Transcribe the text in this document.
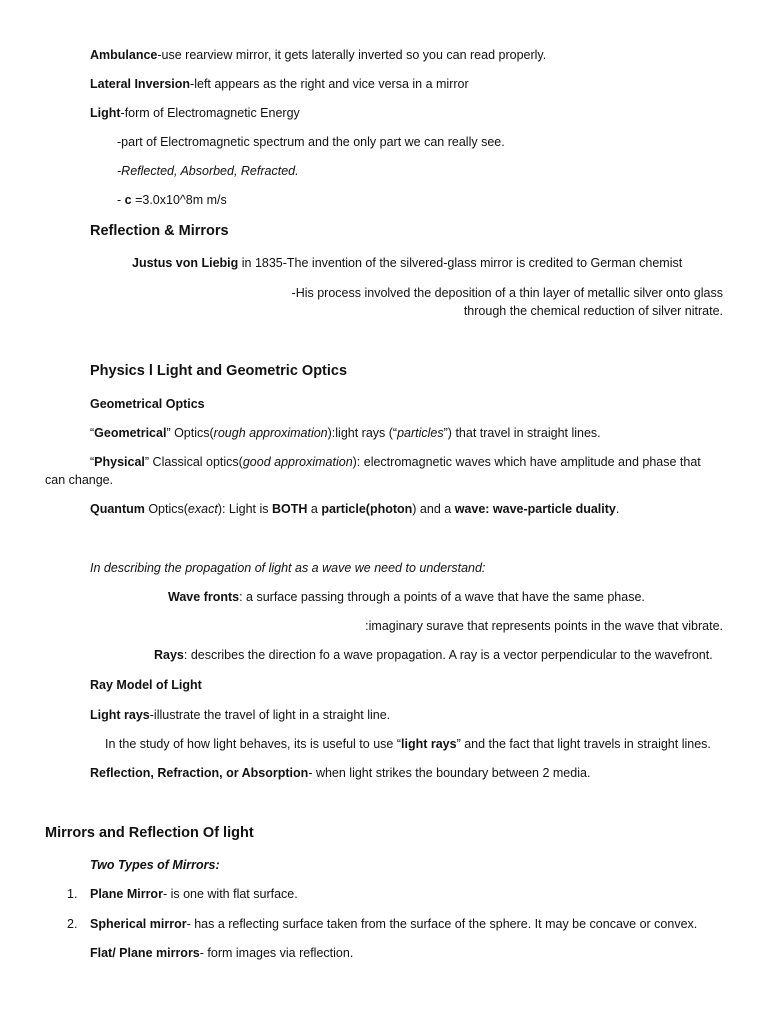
Ambulance-use rearview mirror, it gets laterally inverted so you can read properly.
Lateral Inversion-left appears as the right and vice versa in a mirror
Light-form of Electromagnetic Energy
-part of Electromagnetic spectrum and the only part we can really see.
-Reflected, Absorbed, Refracted.
- c =3.0x10^8m m/s
Reflection & Mirrors
Justus von Liebig in 1835-The invention of the silvered-glass mirror is credited to German chemist
-His process involved the deposition of a thin layer of metallic silver onto glass
through the chemical reduction of silver nitrate.
Physics l Light and Geometric Optics
Geometrical Optics
“Geometrical” Optics(rough approximation):light rays (“particles”) that travel in straight lines.
“Physical” Classical optics(good approximation): electromagnetic waves which have amplitude and phase that
can change.
Quantum Optics(exact): Light is BOTH a particle(photon) and a wave: wave-particle duality.
In describing the propagation of light as a wave we need to understand:
Wave fronts: a surface passing through a points of a wave that have the same phase.
:imaginary surave that represents points in the wave that vibrate.
Rays: describes the direction fo a wave propagation. A ray is a vector perpendicular to the wavefront.
Ray Model of Light
Light rays-illustrate the travel of light in a straight line.
In the study of how light behaves, its is useful to use “light rays” and the fact that light travels in straight lines.
Reflection, Refraction, or Absorption- when light strikes the boundary between 2 media.
Mirrors and Reflection Of light
Two Types of Mirrors:
1. Plane Mirror- is one with flat surface.
2. Spherical mirror- has a reflecting surface taken from the surface of the sphere. It may be concave or convex.
Flat/ Plane mirrors- form images via reflection.
